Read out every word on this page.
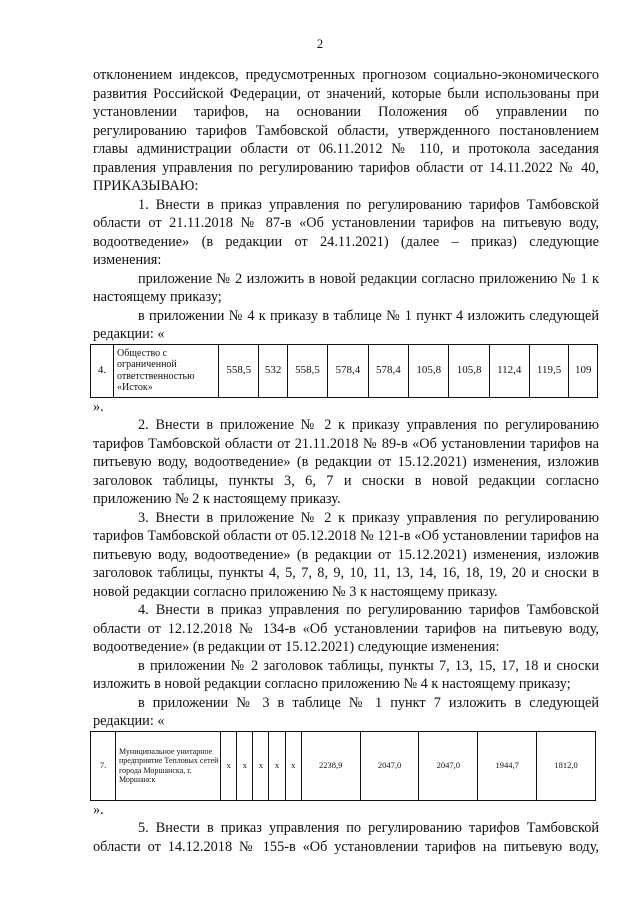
2

отклонением индексов, предусмотренных прогнозом социально-экономического развития Российской Федерации, от значений, которые были использованы при установлении тарифов, на основании Положения об управлении по регулированию тарифов Тамбовской области, утвержденного постановлением главы администрации области от 06.11.2012 № 110, и протокола заседания правления управления по регулированию тарифов области от 14.11.2022 № 40, ПРИКАЗЫВАЮ:

1. Внести в приказ управления по регулированию тарифов Тамбовской области от 21.11.2018 № 87-в «Об установлении тарифов на питьевую воду, водоотведение» (в редакции от 24.11.2021) (далее – приказ) следующие изменения:

приложение № 2 изложить в новой редакции согласно приложению № 1 к настоящему приказу;

в приложении № 4 к приказу в таблице № 1 пункт 4 изложить следующей редакции: «

4.	Общество с ограниченной ответственностью «Исток»	558,5	532	558,5	578,4	578,4	105,8	105,8	112,4	119,5	109

».

2. Внести в приложение № 2 к приказу управления по регулированию тарифов Тамбовской области от 21.11.2018 № 89-в «Об установлении тарифов на питьевую воду, водоотведение» (в редакции от 15.12.2021) изменения, изложив заголовок таблицы, пункты 3, 6, 7 и сноски в новой редакции согласно приложению № 2 к настоящему приказу.

3. Внести в приложение № 2 к приказу управления по регулированию тарифов Тамбовской области от 05.12.2018 № 121-в «Об установлении тарифов на питьевую воду, водоотведение» (в редакции от 15.12.2021) изменения, изложив заголовок таблицы, пункты 4, 5, 7, 8, 9, 10, 11, 13, 14, 16, 18, 19, 20 и сноски в новой редакции согласно приложению № 3 к настоящему приказу.

4. Внести в приказ управления по регулированию тарифов Тамбовской области от 12.12.2018 № 134-в «Об установлении тарифов на питьевую воду, водоотведение» (в редакции от 15.12.2021) следующие изменения:

в приложении № 2 заголовок таблицы, пункты 7, 13, 15, 17, 18 и сноски изложить в новой редакции согласно приложению № 4 к настоящему приказу;

в приложении № 3 в таблице № 1 пункт 7 изложить в следующей редакции: «

7.	Муниципальное унитарное предприятие Тепловых сетей города Моршанска, г. Моршанск	х	х	х	х	х	2238,9	2047,0	2047,0	1944,7	1812,0

».

5. Внести в приказ управления по регулированию тарифов Тамбовской области от 14.12.2018 № 155-в «Об установлении тарифов на питьевую воду,
